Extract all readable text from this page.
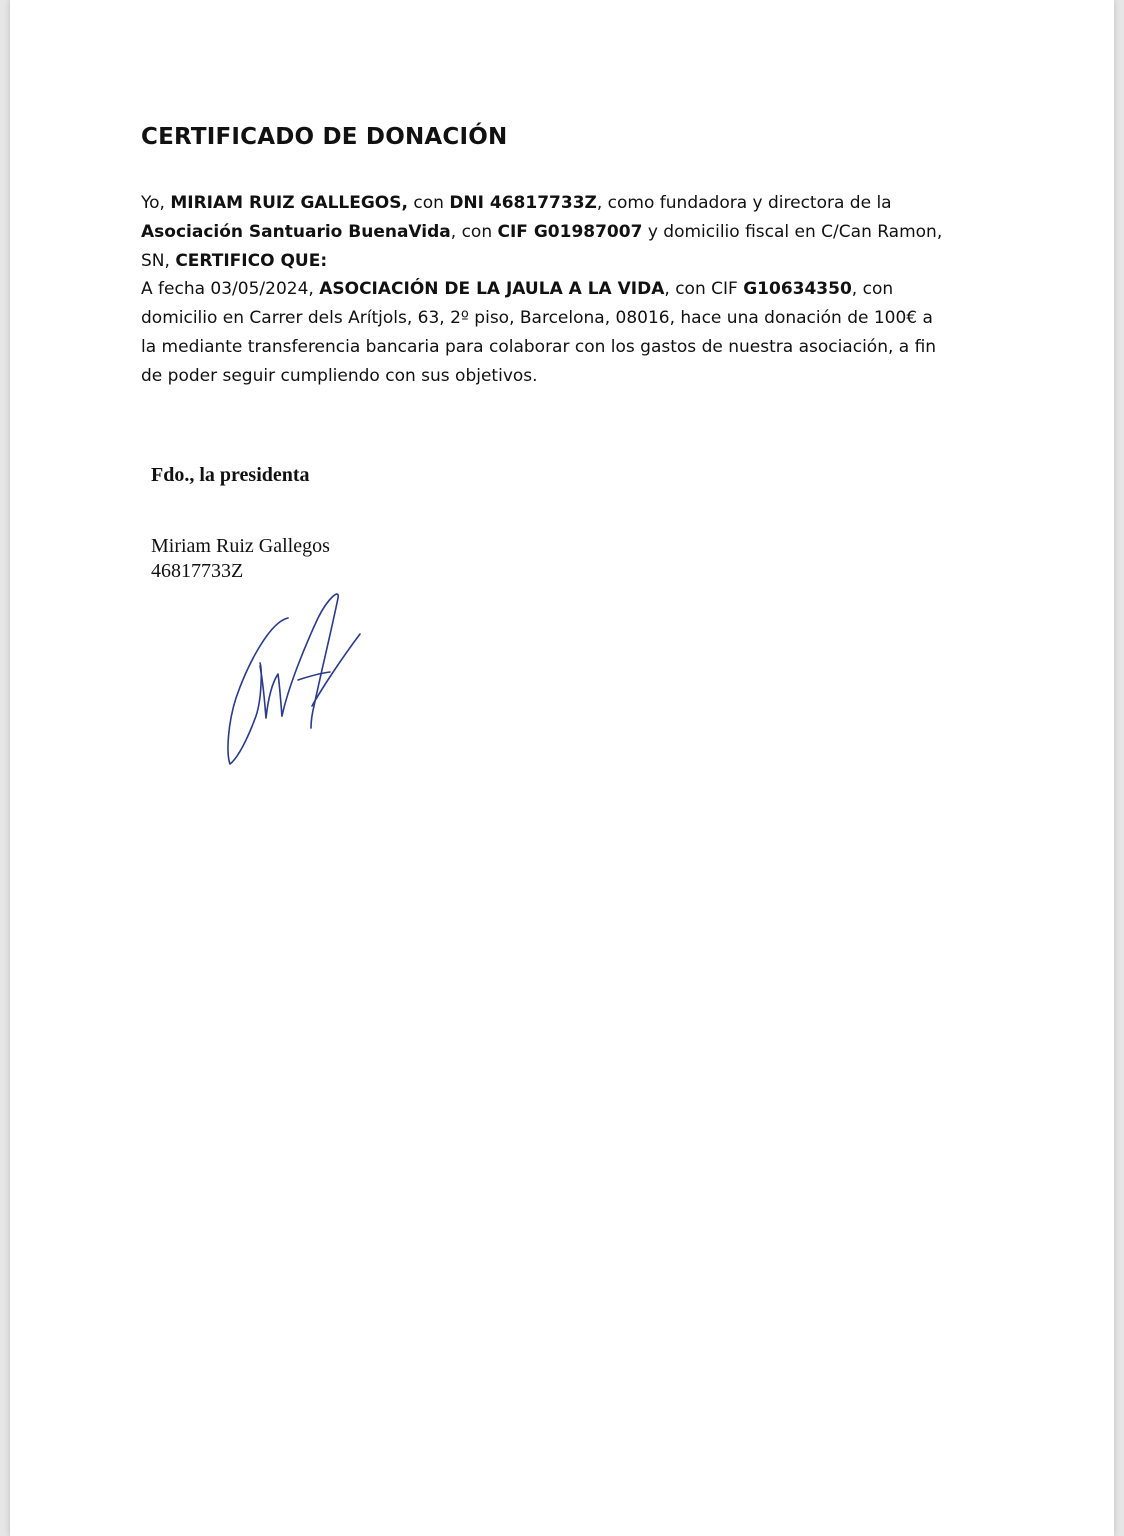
CERTIFICADO DE DONACIÓN

Yo, MIRIAM RUIZ GALLEGOS, con DNI 46817733Z, como fundadora y directora de la Asociación Santuario BuenaVida, con CIF G01987007 y domicilio fiscal en C/Can Ramon, SN, CERTIFICO QUE:

A fecha 03/05/2024, ASOCIACIÓN DE LA JAULA A LA VIDA, con CIF G10634350, con domicilio en Carrer dels Arítjols, 63, 2º piso, Barcelona, 08016, hace una donación de 100€ a la mediante transferencia bancaria para colaborar con los gastos de nuestra asociación, a fin de poder seguir cumpliendo con sus objetivos.

Fdo., la presidenta

Miriam Ruiz Gallegos
46817733Z
